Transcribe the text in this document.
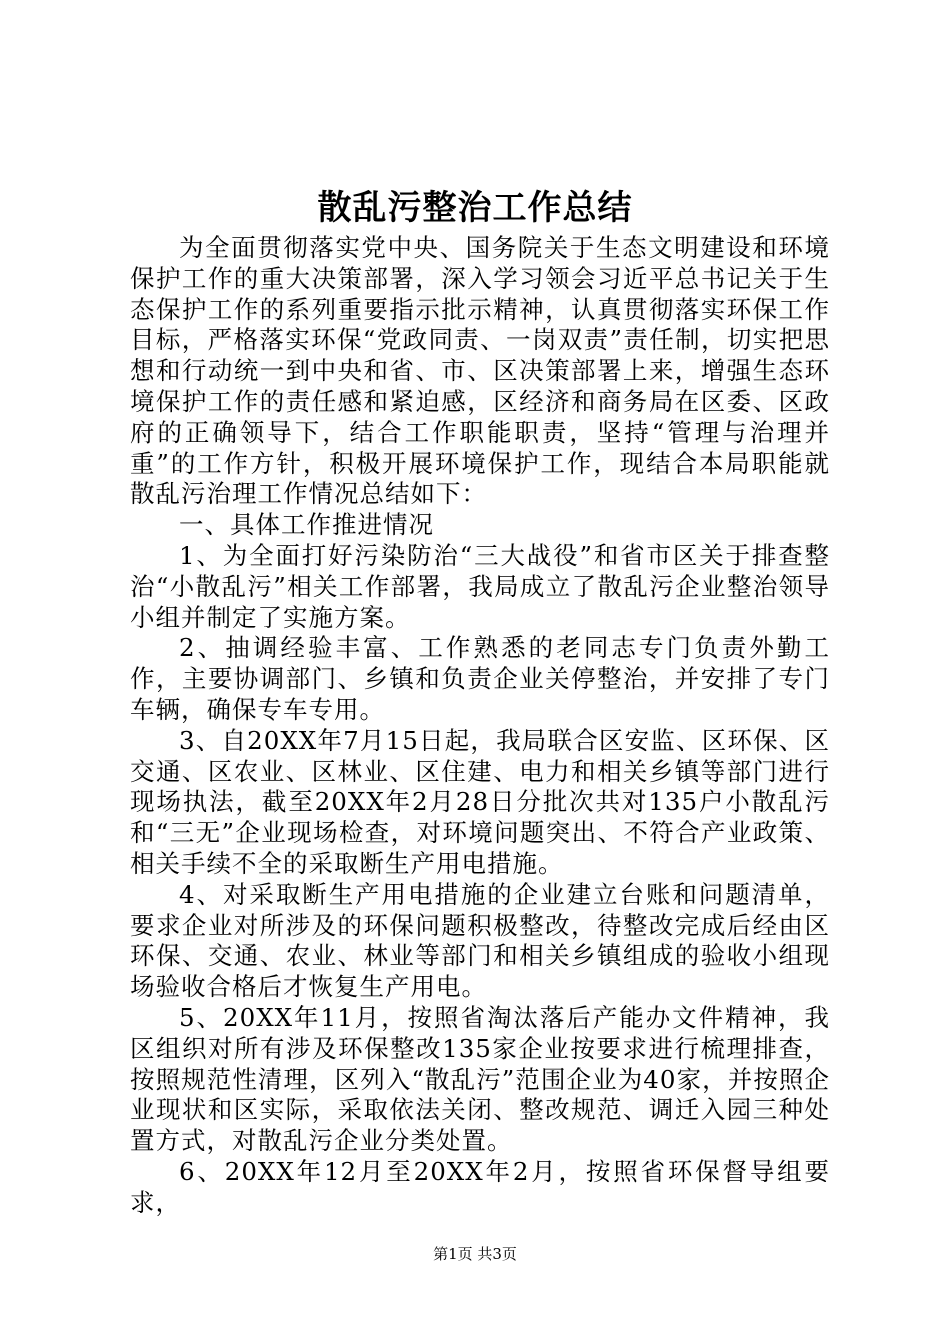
散乱污整治工作总结

为全面贯彻落实党中央、国务院关于生态文明建设和环境保护工作的重大决策部署，深入学习领会习近平总书记关于生态保护工作的系列重要指示批示精神，认真贯彻落实环保工作目标，严格落实环保“党政同责、一岗双责”责任制，切实把思想和行动统一到中央和省、市、区决策部署上来，增强生态环境保护工作的责任感和紧迫感，区经济和商务局在区委、区政府的正确领导下，结合工作职能职责，坚持“管理与治理并重”的工作方针，积极开展环境保护工作，现结合本局职能就散乱污治理工作情况总结如下：

一、具体工作推进情况

1、为全面打好污染防治“三大战役”和省市区关于排查整治“小散乱污”相关工作部署，我局成立了散乱污企业整治领导小组并制定了实施方案。

2、抽调经验丰富、工作熟悉的老同志专门负责外勤工作，主要协调部门、乡镇和负责企业关停整治，并安排了专门车辆，确保专车专用。

3、自20XX年7月15日起，我局联合区安监、区环保、区交通、区农业、区林业、区住建、电力和相关乡镇等部门进行现场执法，截至20XX年2月28日分批次共对135户小散乱污和“三无”企业现场检查，对环境问题突出、不符合产业政策、相关手续不全的采取断生产用电措施。

4、对采取断生产用电措施的企业建立台账和问题清单，要求企业对所涉及的环保问题积极整改，待整改完成后经由区环保、交通、农业、林业等部门和相关乡镇组成的验收小组现场验收合格后才恢复生产用电。

5、20XX年11月，按照省淘汰落后产能办文件精神，我区组织对所有涉及环保整改135家企业按要求进行梳理排查，按照规范性清理，区列入“散乱污”范围企业为40家，并按照企业现状和区实际，采取依法关闭、整改规范、调迁入园三种处置方式，对散乱污企业分类处置。

6、20XX年12月至20XX年2月，按照省环保督导组要求，

第1页 共3页
